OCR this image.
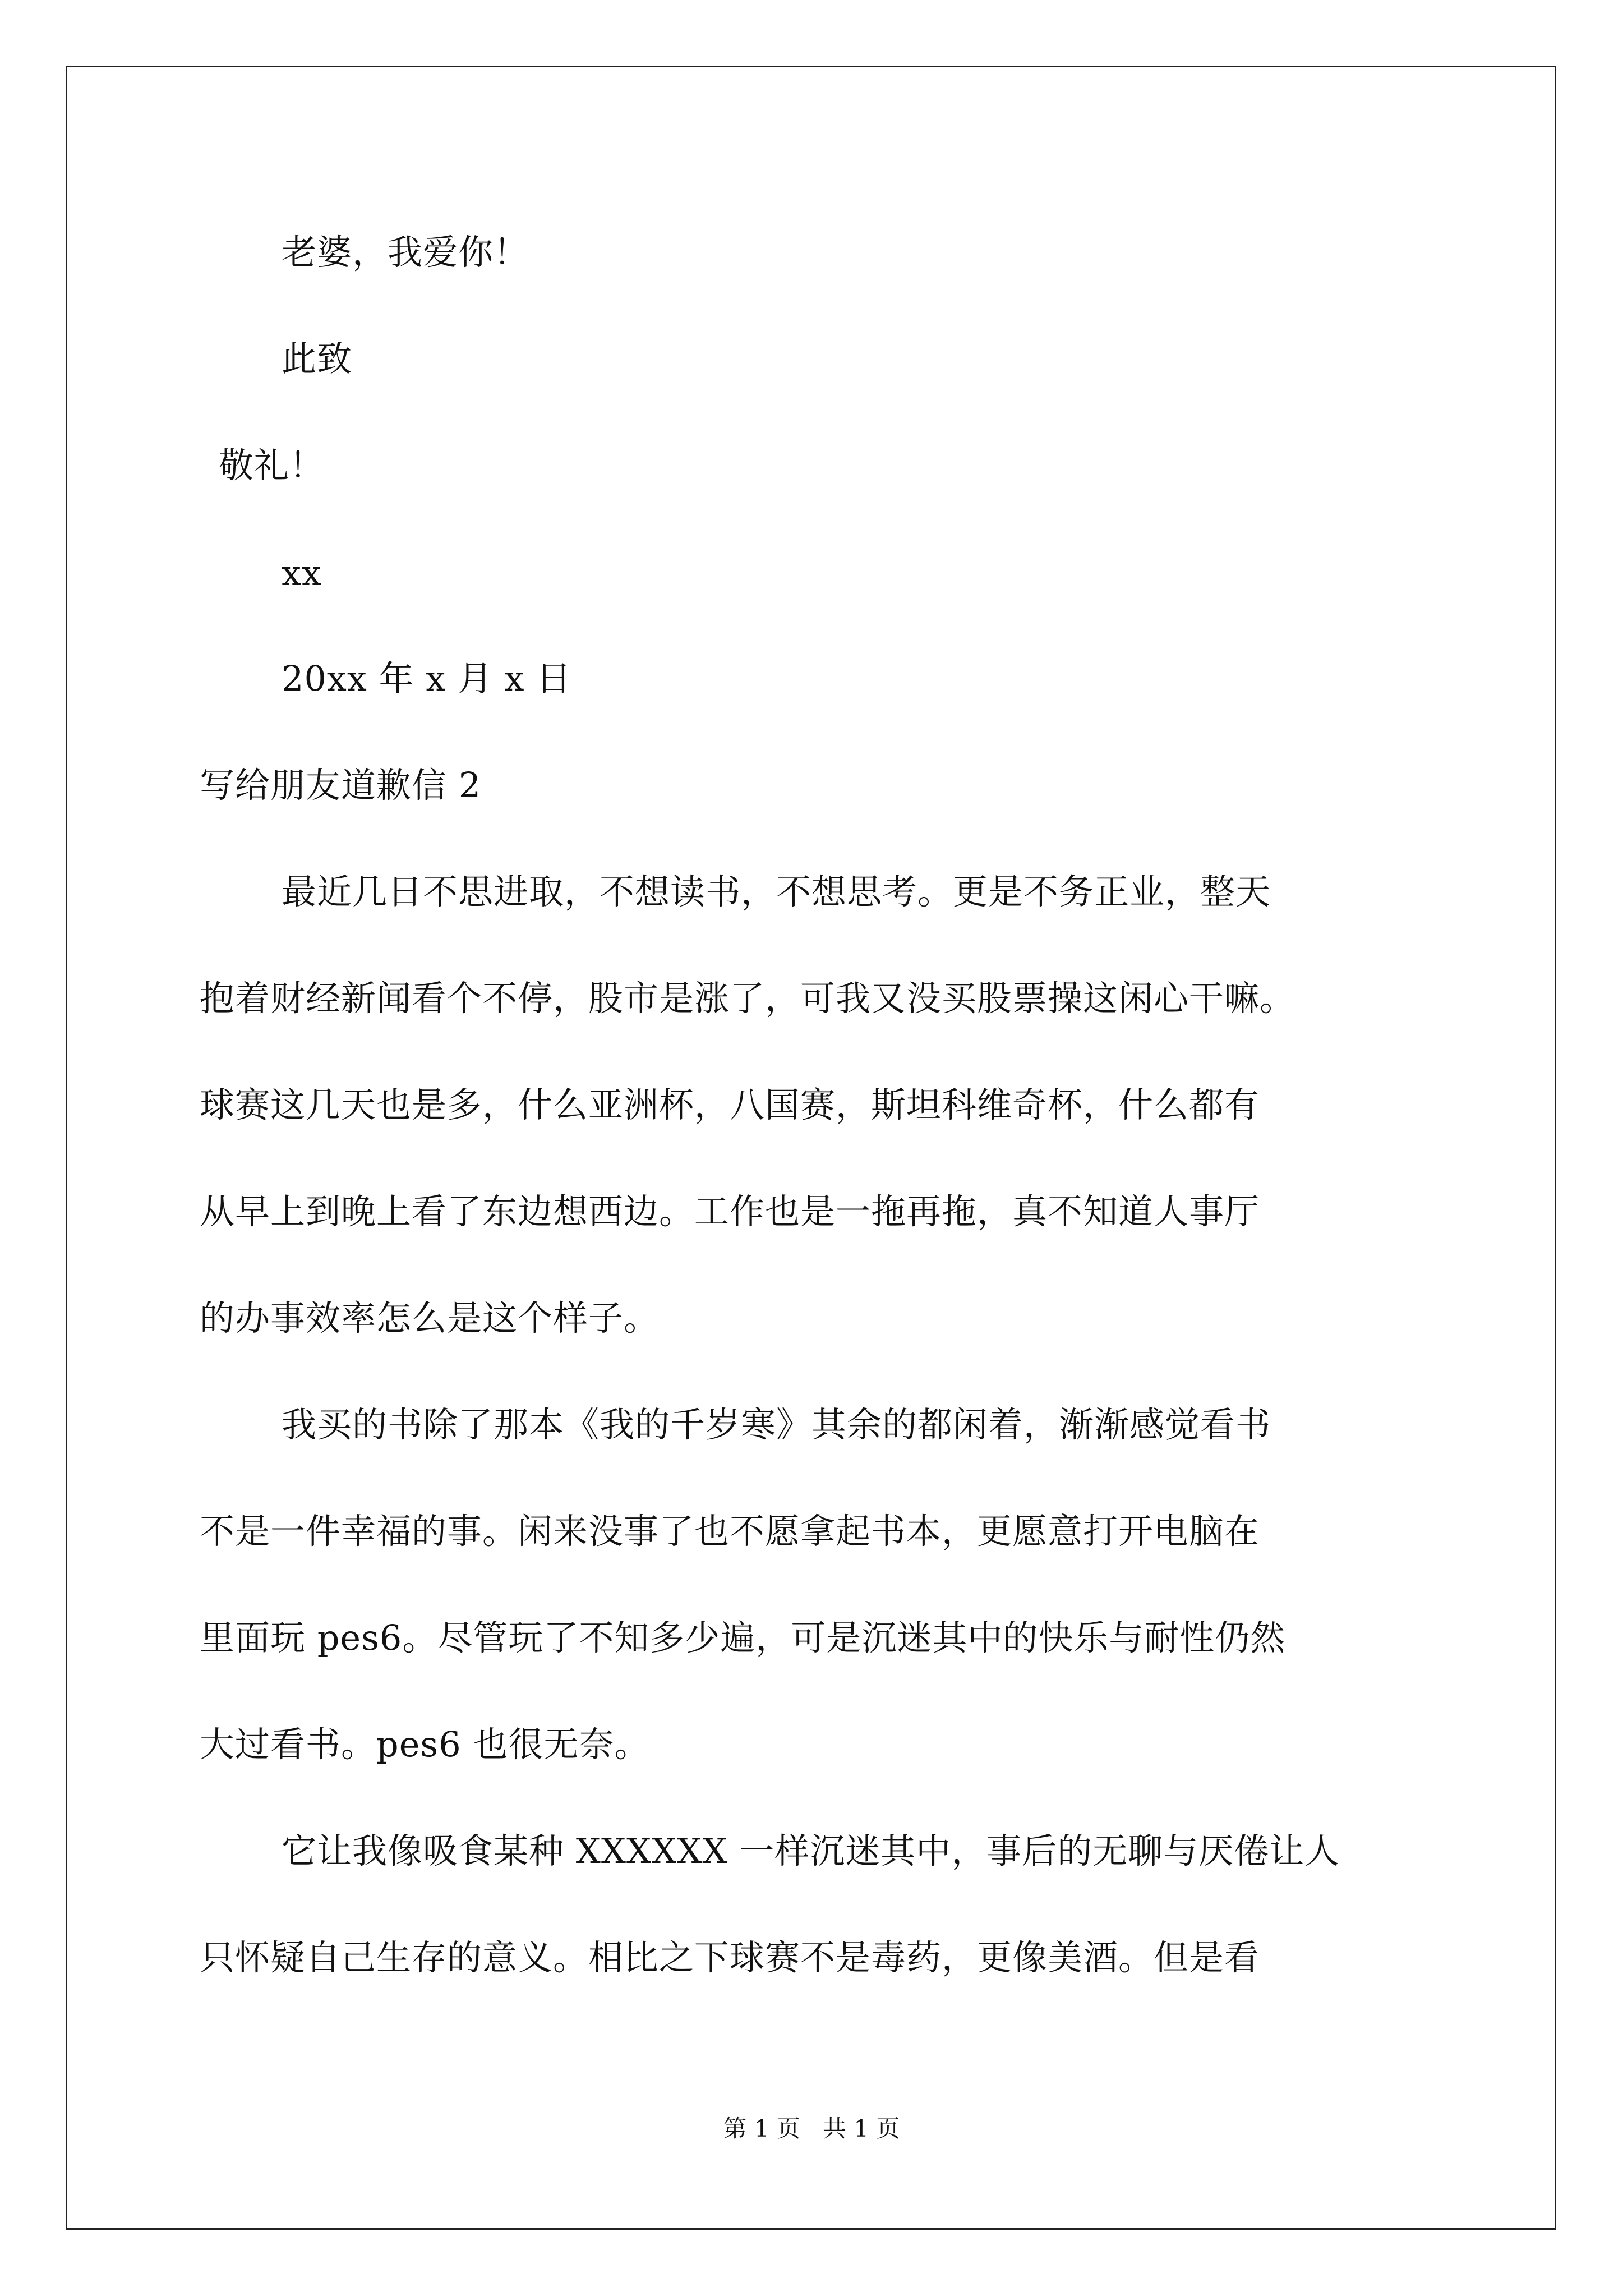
老婆，我爱你！
此致
敬礼！
xx
20xx 年 x 月 x 日
写给朋友道歉信 2
最近几日不思进取，不想读书，不想思考。更是不务正业，整天
抱着财经新闻看个不停，股市是涨了，可我又没买股票操这闲心干嘛。
球赛这几天也是多，什么亚洲杯，八国赛，斯坦科维奇杯，什么都有
从早上到晚上看了东边想西边。工作也是一拖再拖，真不知道人事厅
的办事效率怎么是这个样子。
我买的书除了那本《我的千岁寒》其余的都闲着，渐渐感觉看书
不是一件幸福的事。闲来没事了也不愿拿起书本，更愿意打开电脑在
里面玩 pes6。尽管玩了不知多少遍，可是沉迷其中的快乐与耐性仍然
大过看书。pes6 也很无奈。
它让我像吸食某种 XXXXXX 一样沉迷其中，事后的无聊与厌倦让人
只怀疑自己生存的意义。相比之下球赛不是毒药，更像美酒。但是看
第 1 页   共 1 页
